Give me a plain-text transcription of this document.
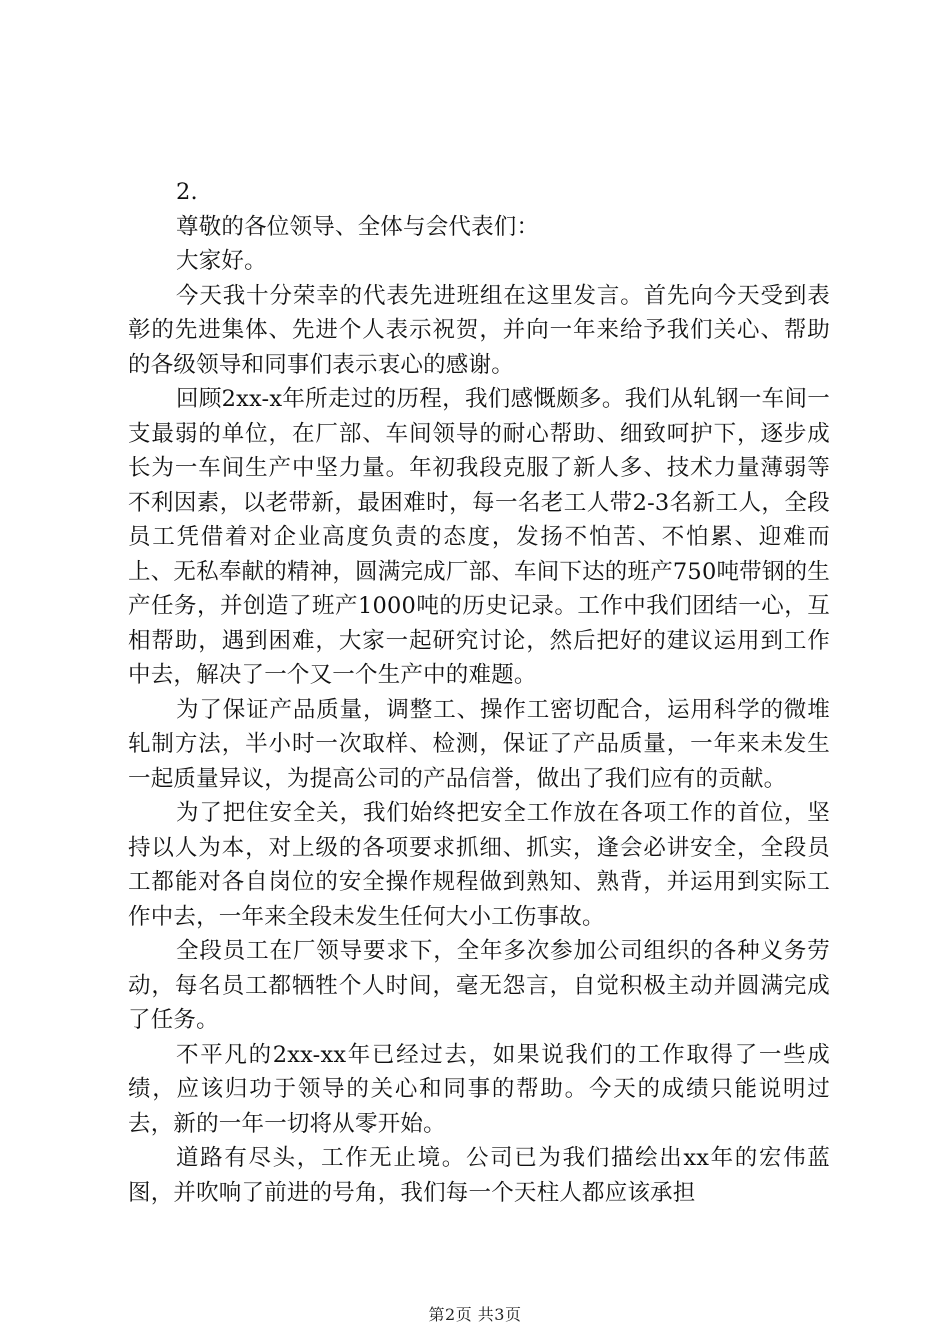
2.

尊敬的各位领导、全体与会代表们：

大家好。

今天我十分荣幸的代表先进班组在这里发言。首先向今天受到表彰的先进集体、先进个人表示祝贺，并向一年来给予我们关心、帮助的各级领导和同事们表示衷心的感谢。

回顾2xx-x年所走过的历程，我们感慨颇多。我们从轧钢一车间一支最弱的单位，在厂部、车间领导的耐心帮助、细致呵护下，逐步成长为一车间生产中坚力量。年初我段克服了新人多、技术力量薄弱等不利因素，以老带新，最困难时，每一名老工人带2-3名新工人，全段员工凭借着对企业高度负责的态度，发扬不怕苦、不怕累、迎难而上、无私奉献的精神，圆满完成厂部、车间下达的班产750吨带钢的生产任务，并创造了班产1000吨的历史记录。工作中我们团结一心，互相帮助，遇到困难，大家一起研究讨论，然后把好的建议运用到工作中去，解决了一个又一个生产中的难题。

为了保证产品质量，调整工、操作工密切配合，运用科学的微堆轧制方法，半小时一次取样、检测，保证了产品质量，一年来未发生一起质量异议，为提高公司的产品信誉，做出了我们应有的贡献。

为了把住安全关，我们始终把安全工作放在各项工作的首位，坚持以人为本，对上级的各项要求抓细、抓实，逢会必讲安全，全段员工都能对各自岗位的安全操作规程做到熟知、熟背，并运用到实际工作中去，一年来全段未发生任何大小工伤事故。

全段员工在厂领导要求下，全年多次参加公司组织的各种义务劳动，每名员工都牺牲个人时间，毫无怨言，自觉积极主动并圆满完成了任务。

不平凡的2xx-xx年已经过去，如果说我们的工作取得了一些成绩，应该归功于领导的关心和同事的帮助。今天的成绩只能说明过去，新的一年一切将从零开始。

道路有尽头，工作无止境。公司已为我们描绘出xx年的宏伟蓝图，并吹响了前进的号角，我们每一个天柱人都应该承担

第2页 共3页
